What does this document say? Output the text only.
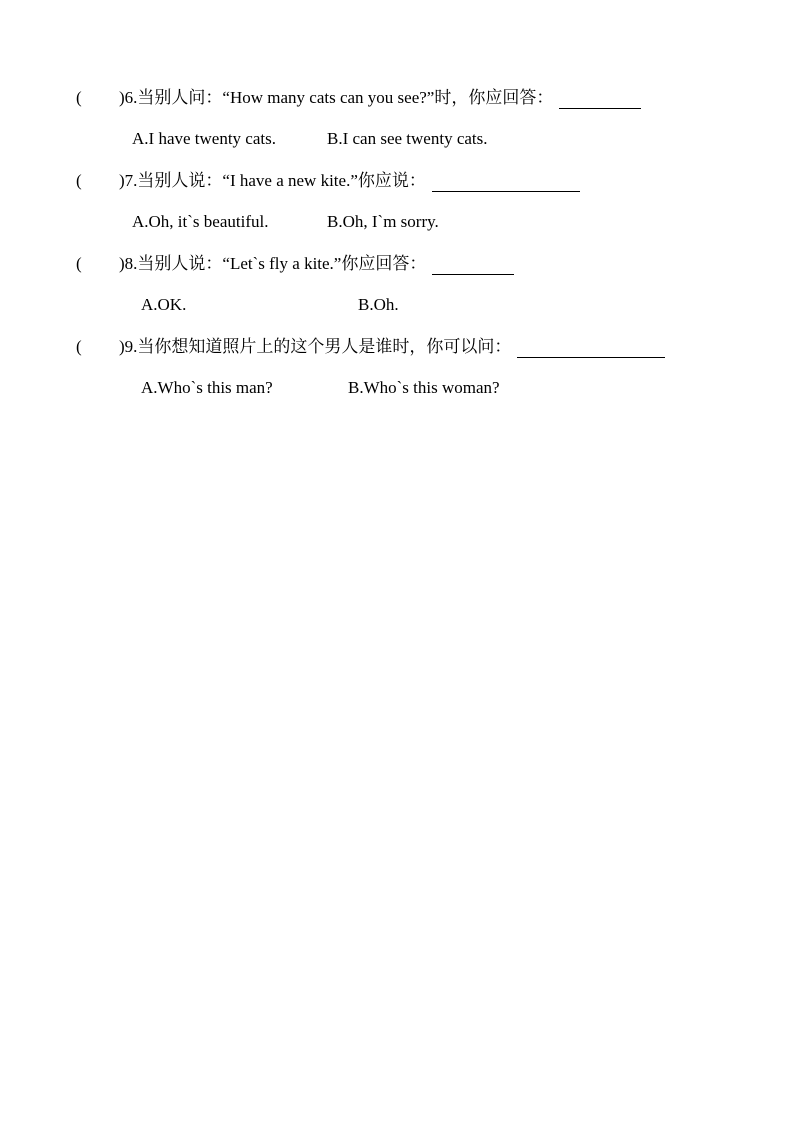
( )6.当别人问：“How many cats can you see?”时，你应回答：
A.I have twenty cats.	B.I can see twenty cats.
( )7.当别人说：“I have a new kite.”你应说：
A.Oh, it`s beautiful.	B.Oh, I`m sorry.
( )8.当别人说：“Let`s fly a kite.”你应回答：
A.OK.	B.Oh.
( )9.当你想知道照片上的这个男人是谁时，你可以问：
A.Who`s this man?	B.Who`s this woman?
